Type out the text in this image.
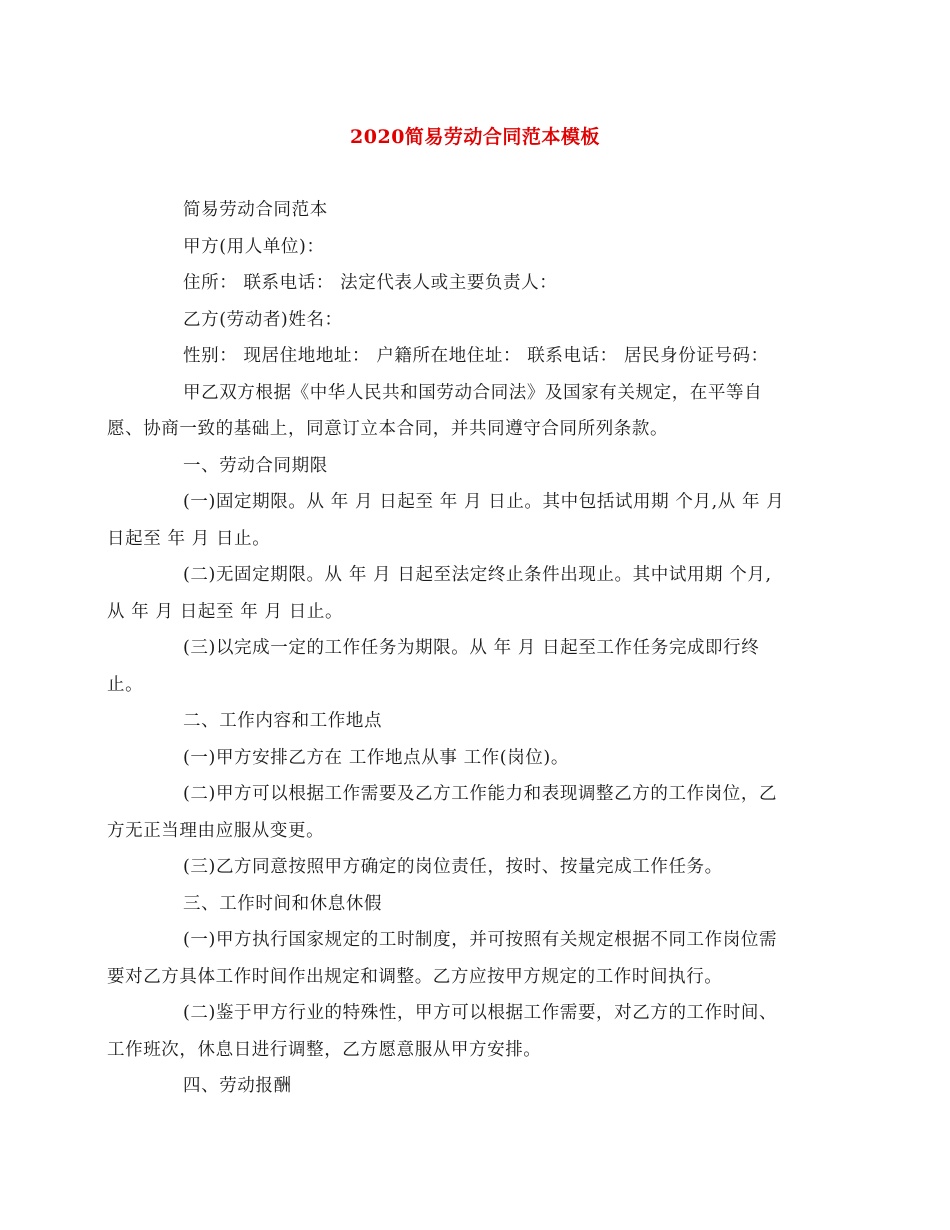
2020简易劳动合同范本模板

简易劳动合同范本

甲方(用人单位)：

住所： 联系电话： 法定代表人或主要负责人：

乙方(劳动者)姓名：

性别： 现居住地地址： 户籍所在地住址： 联系电话： 居民身份证号码：

甲乙双方根据《中华人民共和国劳动合同法》及国家有关规定，在平等自
愿、协商一致的基础上，同意订立本合同，并共同遵守合同所列条款。

一、劳动合同期限

(一)固定期限。从 年 月 日起至 年 月 日止。其中包括试用期 个月,从 年 月
日起至 年 月 日止。

(二)无固定期限。从 年 月 日起至法定终止条件出现止。其中试用期 个月,
从 年 月 日起至 年 月 日止。

(三)以完成一定的工作任务为期限。从 年 月 日起至工作任务完成即行终
止。

二、工作内容和工作地点

(一)甲方安排乙方在 工作地点从事 工作(岗位)。

(二)甲方可以根据工作需要及乙方工作能力和表现调整乙方的工作岗位，乙
方无正当理由应服从变更。

(三)乙方同意按照甲方确定的岗位责任，按时、按量完成工作任务。

三、工作时间和休息休假

(一)甲方执行国家规定的工时制度，并可按照有关规定根据不同工作岗位需
要对乙方具体工作时间作出规定和调整。乙方应按甲方规定的工作时间执行。

(二)鉴于甲方行业的特殊性，甲方可以根据工作需要，对乙方的工作时间、
工作班次，休息日进行调整，乙方愿意服从甲方安排。

四、劳动报酬
